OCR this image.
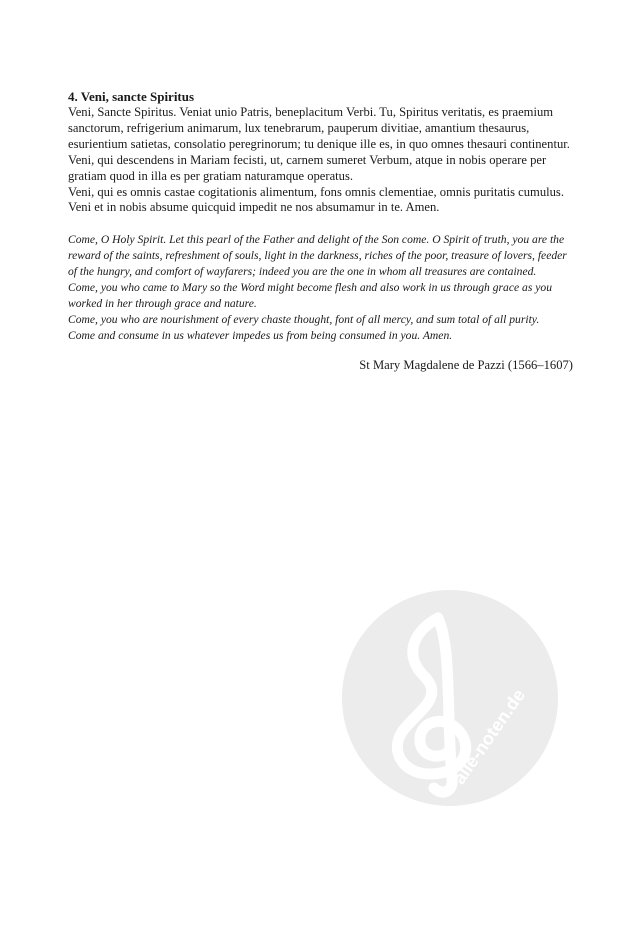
4. Veni, sancte Spiritus

Veni, Sancte Spiritus. Veniat unio Patris, beneplacitum Verbi. Tu, Spiritus veritatis, es praemium sanctorum, refrigerium animarum, lux tenebrarum, pauperum divitiae, amantium thesaurus, esurientium satietas, consolatio peregrinorum; tu denique ille es, in quo omnes thesauri continentur.

Veni, qui descendens in Mariam fecisti, ut, carnem sumeret Verbum, atque in nobis operare per gratiam quod in illa es per gratiam naturamque operatus.

Veni, qui es omnis castae cogitationis alimentum, fons omnis clementiae, omnis puritatis cumulus.

Veni et in nobis absume quicquid impedit ne nos absumamur in te. Amen.

Come, O Holy Spirit. Let this pearl of the Father and delight of the Son come. O Spirit of truth, you are the reward of the saints, refreshment of souls, light in the darkness, riches of the poor, treasure of lovers, feeder of the hungry, and comfort of wayfarers; indeed you are the one in whom all treasures are contained.

Come, you who came to Mary so the Word might become flesh and also work in us through grace as you worked in her through grace and nature.

Come, you who are nourishment of every chaste thought, font of all mercy, and sum total of all purity.

Come and consume in us whatever impedes us from being consumed in you. Amen.

St Mary Magdalene de Pazzi (1566–1607)
alle-noten.de
